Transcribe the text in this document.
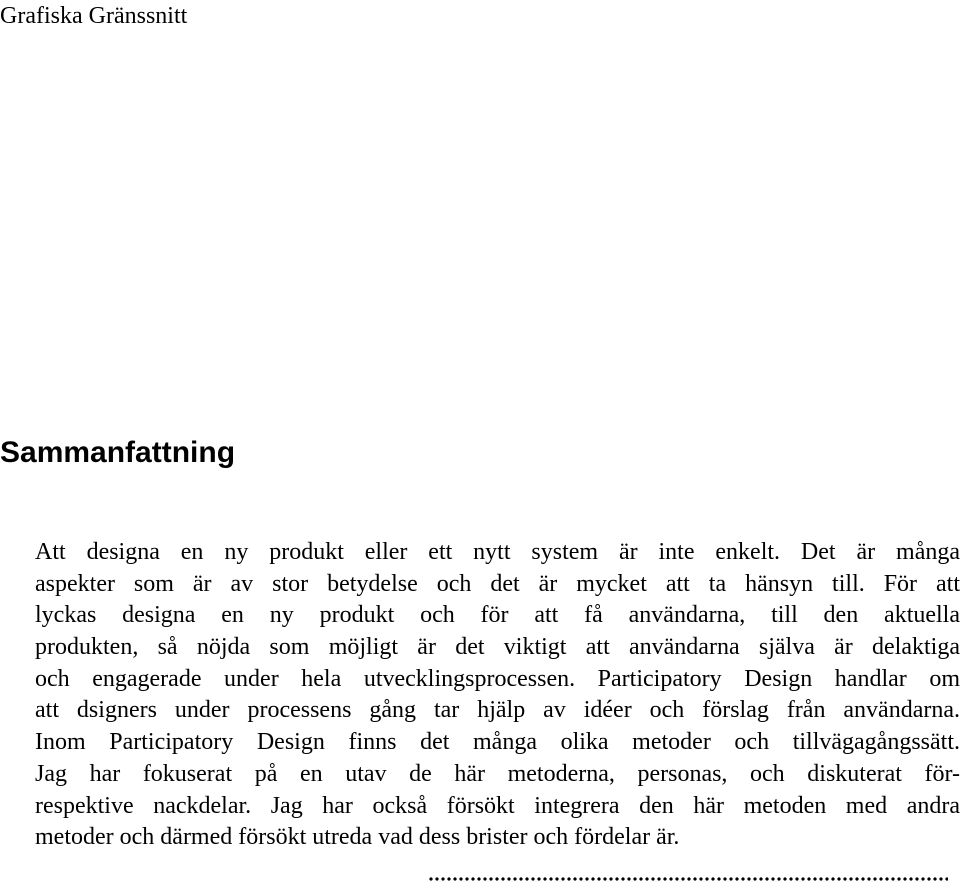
Grafiska Gränssnitt
Sammanfattning
Att designa en ny produkt eller ett nytt system är inte enkelt. Det är många
aspekter som är av stor betydelse och det är mycket att ta hänsyn till. För att
lyckas designa en ny produkt och för att få användarna, till den aktuella
produkten, så nöjda som möjligt är det viktigt att användarna själva är delaktiga
och engagerade under hela utvecklingsprocessen. Participatory Design handlar om
att dsigners under processens gång tar hjälp av idéer och förslag från användarna.
Inom Participatory Design finns det många olika metoder och tillvägagångssätt.
Jag har fokuserat på en utav de här metoderna, personas, och diskuterat för-
respektive nackdelar. Jag har också försökt integrera den här metoden med andra
metoder och därmed försökt utreda vad dess brister och fördelar är.
